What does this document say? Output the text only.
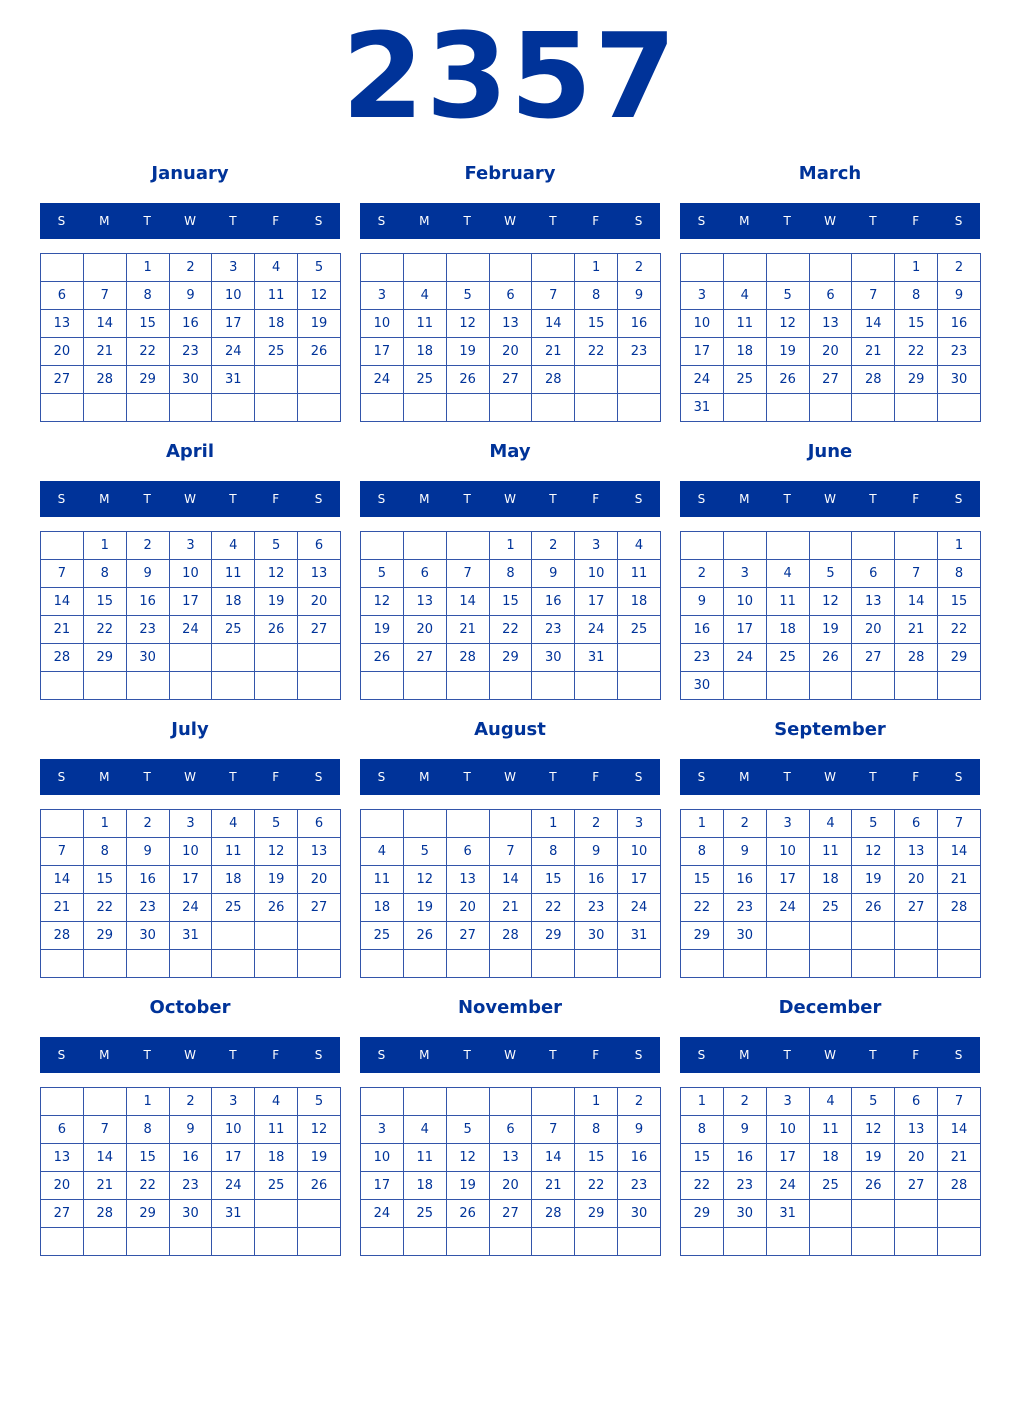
2357
January
S	M	T	W	T	F	S
		1	2	3	4	5
6	7	8	9	10	11	12
13	14	15	16	17	18	19
20	21	22	23	24	25	26
27	28	29	30	31		

February
S	M	T	W	T	F	S
					1	2
3	4	5	6	7	8	9
10	11	12	13	14	15	16
17	18	19	20	21	22	23
24	25	26	27	28		

March
S	M	T	W	T	F	S
					1	2
3	4	5	6	7	8	9
10	11	12	13	14	15	16
17	18	19	20	21	22	23
24	25	26	27	28	29	30
31						
April
S	M	T	W	T	F	S
	1	2	3	4	5	6
7	8	9	10	11	12	13
14	15	16	17	18	19	20
21	22	23	24	25	26	27
28	29	30				

May
S	M	T	W	T	F	S
			1	2	3	4
5	6	7	8	9	10	11
12	13	14	15	16	17	18
19	20	21	22	23	24	25
26	27	28	29	30	31	

June
S	M	T	W	T	F	S
						1
2	3	4	5	6	7	8
9	10	11	12	13	14	15
16	17	18	19	20	21	22
23	24	25	26	27	28	29
30						
July
S	M	T	W	T	F	S
	1	2	3	4	5	6
7	8	9	10	11	12	13
14	15	16	17	18	19	20
21	22	23	24	25	26	27
28	29	30	31			

August
S	M	T	W	T	F	S
				1	2	3
4	5	6	7	8	9	10
11	12	13	14	15	16	17
18	19	20	21	22	23	24
25	26	27	28	29	30	31

September
S	M	T	W	T	F	S
1	2	3	4	5	6	7
8	9	10	11	12	13	14
15	16	17	18	19	20	21
22	23	24	25	26	27	28
29	30					

October
S	M	T	W	T	F	S
		1	2	3	4	5
6	7	8	9	10	11	12
13	14	15	16	17	18	19
20	21	22	23	24	25	26
27	28	29	30	31		

November
S	M	T	W	T	F	S
					1	2
3	4	5	6	7	8	9
10	11	12	13	14	15	16
17	18	19	20	21	22	23
24	25	26	27	28	29	30

December
S	M	T	W	T	F	S
1	2	3	4	5	6	7
8	9	10	11	12	13	14
15	16	17	18	19	20	21
22	23	24	25	26	27	28
29	30	31				
